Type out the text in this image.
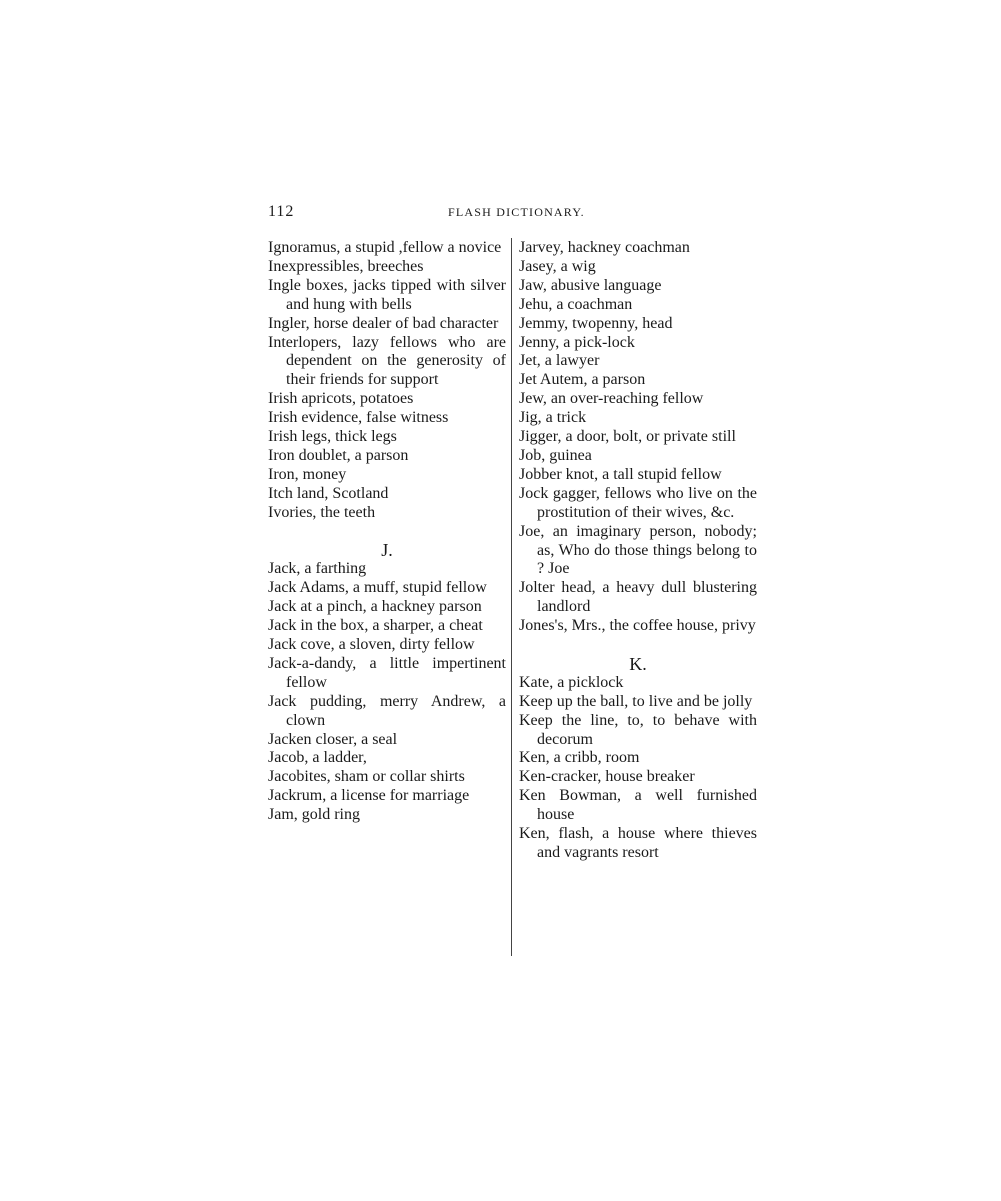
112	FLASH DICTIONARY.
Ignoramus, a stupid ,fellow a novice
Inexpressibles, breeches
Ingle boxes, jacks tipped with silver and hung with bells
Ingler, horse dealer of bad character
Interlopers, lazy fellows who are dependent on the generosity of their friends for support
Irish apricots, potatoes
Irish evidence, false witness
Irish legs, thick legs
Iron doublet, a parson
Iron, money
Itch land, Scotland
Ivories, the teeth
J.
Jack, a farthing
Jack Adams, a muff, stupid fellow
Jack at a pinch, a hackney parson
Jack in the box, a sharper, a cheat
Jack cove, a sloven, dirty fellow
Jack-a-dandy, a little impertinent fellow
Jack pudding, merry Andrew, a clown
Jacken closer, a seal
Jacob, a ladder,
Jacobites, sham or collar shirts
Jackrum, a license for marriage
Jam, gold ring
Jarvey, hackney coachman
Jasey, a wig
Jaw, abusive language
Jehu, a coachman
Jemmy, twopenny, head
Jenny, a pick-lock
Jet, a lawyer
Jet Autem, a parson
Jew, an over-reaching fellow
Jig, a trick
Jigger, a door, bolt, or private still
Job, guinea
Jobber knot, a tall stupid fellow
Jock gagger, fellows who live on the prostitution of their wives, &c.
Joe, an imaginary person, nobody; as, Who do those things belong to ? Joe
Jolter head, a heavy dull blustering landlord
Jones's, Mrs., the coffee house, privy
K.
Kate, a picklock
Keep up the ball, to live and be jolly
Keep the line, to, to behave with decorum
Ken, a cribb, room
Ken-cracker, house breaker
Ken Bowman, a well furnished house
Ken, flash, a house where thieves and vagrants resort
